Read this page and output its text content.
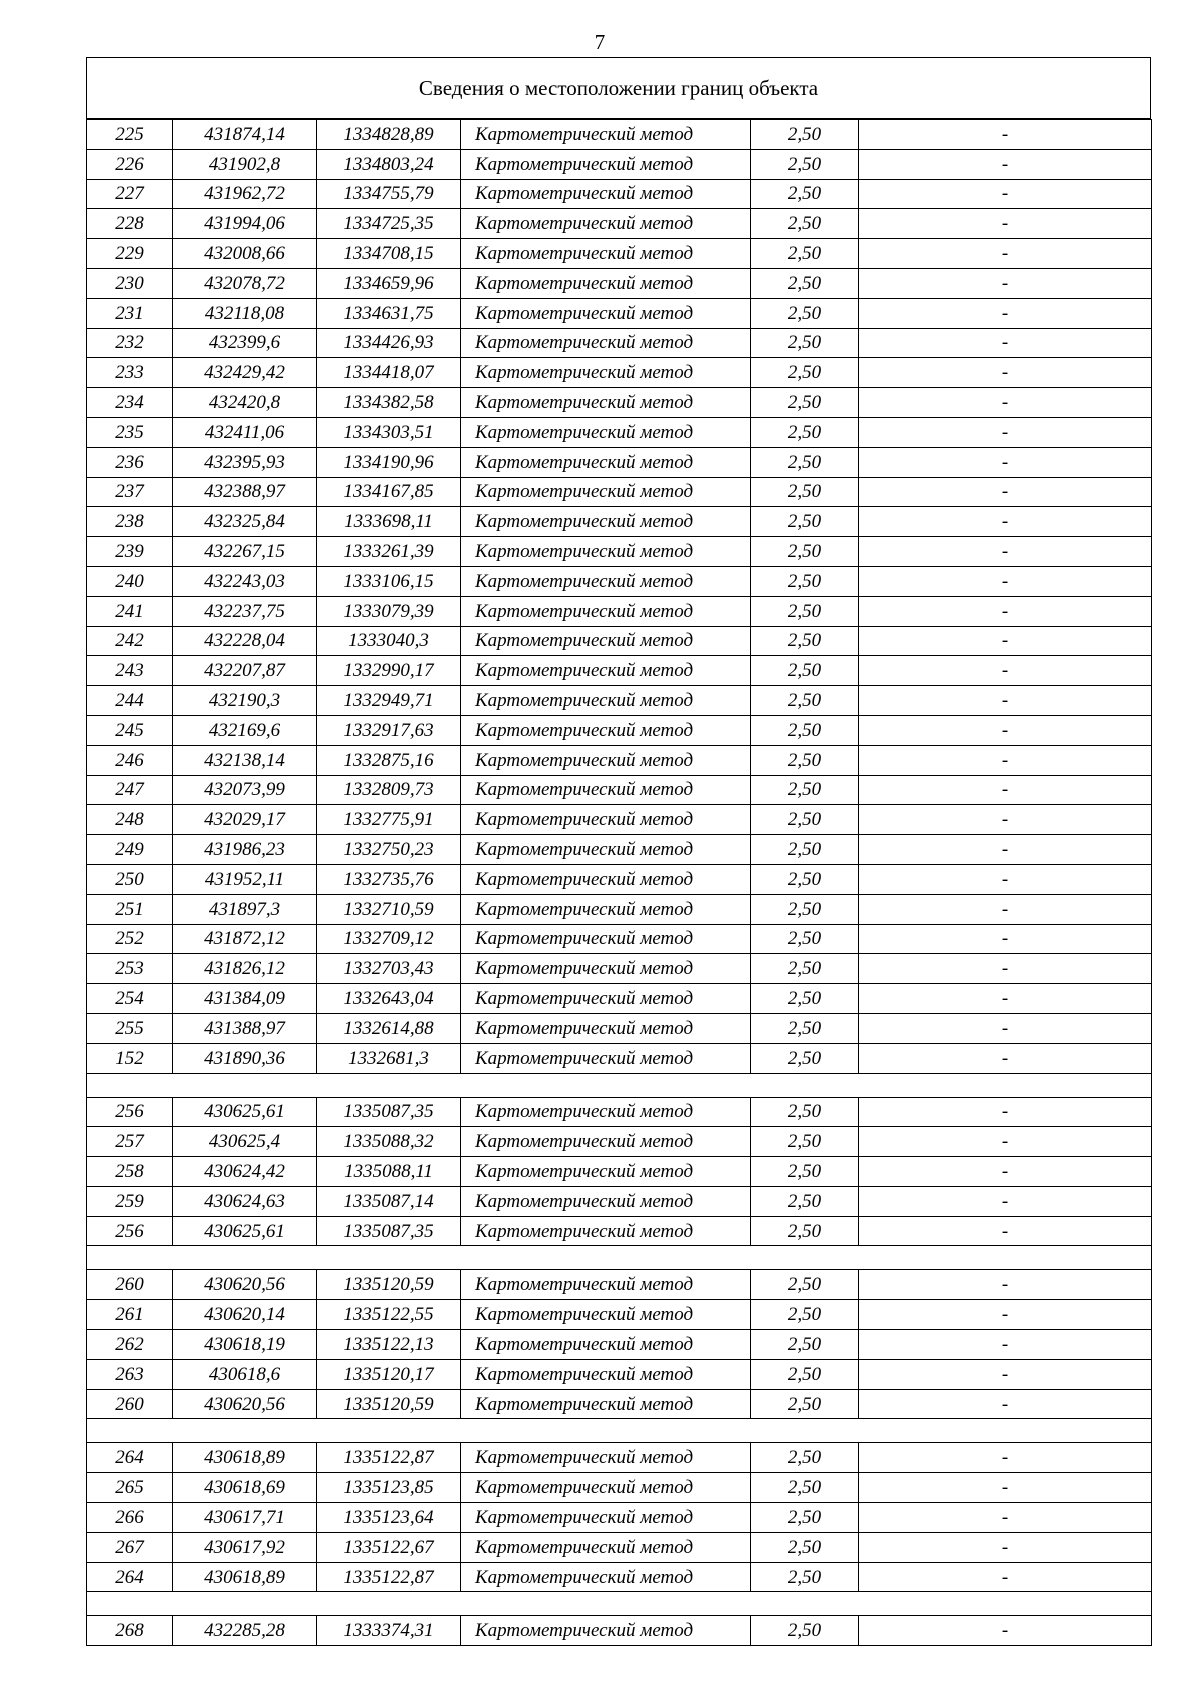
7
Сведения о местоположении границ объекта
225	431874,14	1334828,89	Картометрический метод	2,50	-
226	431902,8	1334803,24	Картометрический метод	2,50	-
227	431962,72	1334755,79	Картометрический метод	2,50	-
228	431994,06	1334725,35	Картометрический метод	2,50	-
229	432008,66	1334708,15	Картометрический метод	2,50	-
230	432078,72	1334659,96	Картометрический метод	2,50	-
231	432118,08	1334631,75	Картометрический метод	2,50	-
232	432399,6	1334426,93	Картометрический метод	2,50	-
233	432429,42	1334418,07	Картометрический метод	2,50	-
234	432420,8	1334382,58	Картометрический метод	2,50	-
235	432411,06	1334303,51	Картометрический метод	2,50	-
236	432395,93	1334190,96	Картометрический метод	2,50	-
237	432388,97	1334167,85	Картометрический метод	2,50	-
238	432325,84	1333698,11	Картометрический метод	2,50	-
239	432267,15	1333261,39	Картометрический метод	2,50	-
240	432243,03	1333106,15	Картометрический метод	2,50	-
241	432237,75	1333079,39	Картометрический метод	2,50	-
242	432228,04	1333040,3	Картометрический метод	2,50	-
243	432207,87	1332990,17	Картометрический метод	2,50	-
244	432190,3	1332949,71	Картометрический метод	2,50	-
245	432169,6	1332917,63	Картометрический метод	2,50	-
246	432138,14	1332875,16	Картометрический метод	2,50	-
247	432073,99	1332809,73	Картометрический метод	2,50	-
248	432029,17	1332775,91	Картометрический метод	2,50	-
249	431986,23	1332750,23	Картометрический метод	2,50	-
250	431952,11	1332735,76	Картометрический метод	2,50	-
251	431897,3	1332710,59	Картометрический метод	2,50	-
252	431872,12	1332709,12	Картометрический метод	2,50	-
253	431826,12	1332703,43	Картометрический метод	2,50	-
254	431384,09	1332643,04	Картометрический метод	2,50	-
255	431388,97	1332614,88	Картометрический метод	2,50	-
152	431890,36	1332681,3	Картометрический метод	2,50	-

256	430625,61	1335087,35	Картометрический метод	2,50	-
257	430625,4	1335088,32	Картометрический метод	2,50	-
258	430624,42	1335088,11	Картометрический метод	2,50	-
259	430624,63	1335087,14	Картометрический метод	2,50	-
256	430625,61	1335087,35	Картометрический метод	2,50	-

260	430620,56	1335120,59	Картометрический метод	2,50	-
261	430620,14	1335122,55	Картометрический метод	2,50	-
262	430618,19	1335122,13	Картометрический метод	2,50	-
263	430618,6	1335120,17	Картометрический метод	2,50	-
260	430620,56	1335120,59	Картометрический метод	2,50	-

264	430618,89	1335122,87	Картометрический метод	2,50	-
265	430618,69	1335123,85	Картометрический метод	2,50	-
266	430617,71	1335123,64	Картометрический метод	2,50	-
267	430617,92	1335122,67	Картометрический метод	2,50	-
264	430618,89	1335122,87	Картометрический метод	2,50	-

268	432285,28	1333374,31	Картометрический метод	2,50	-
